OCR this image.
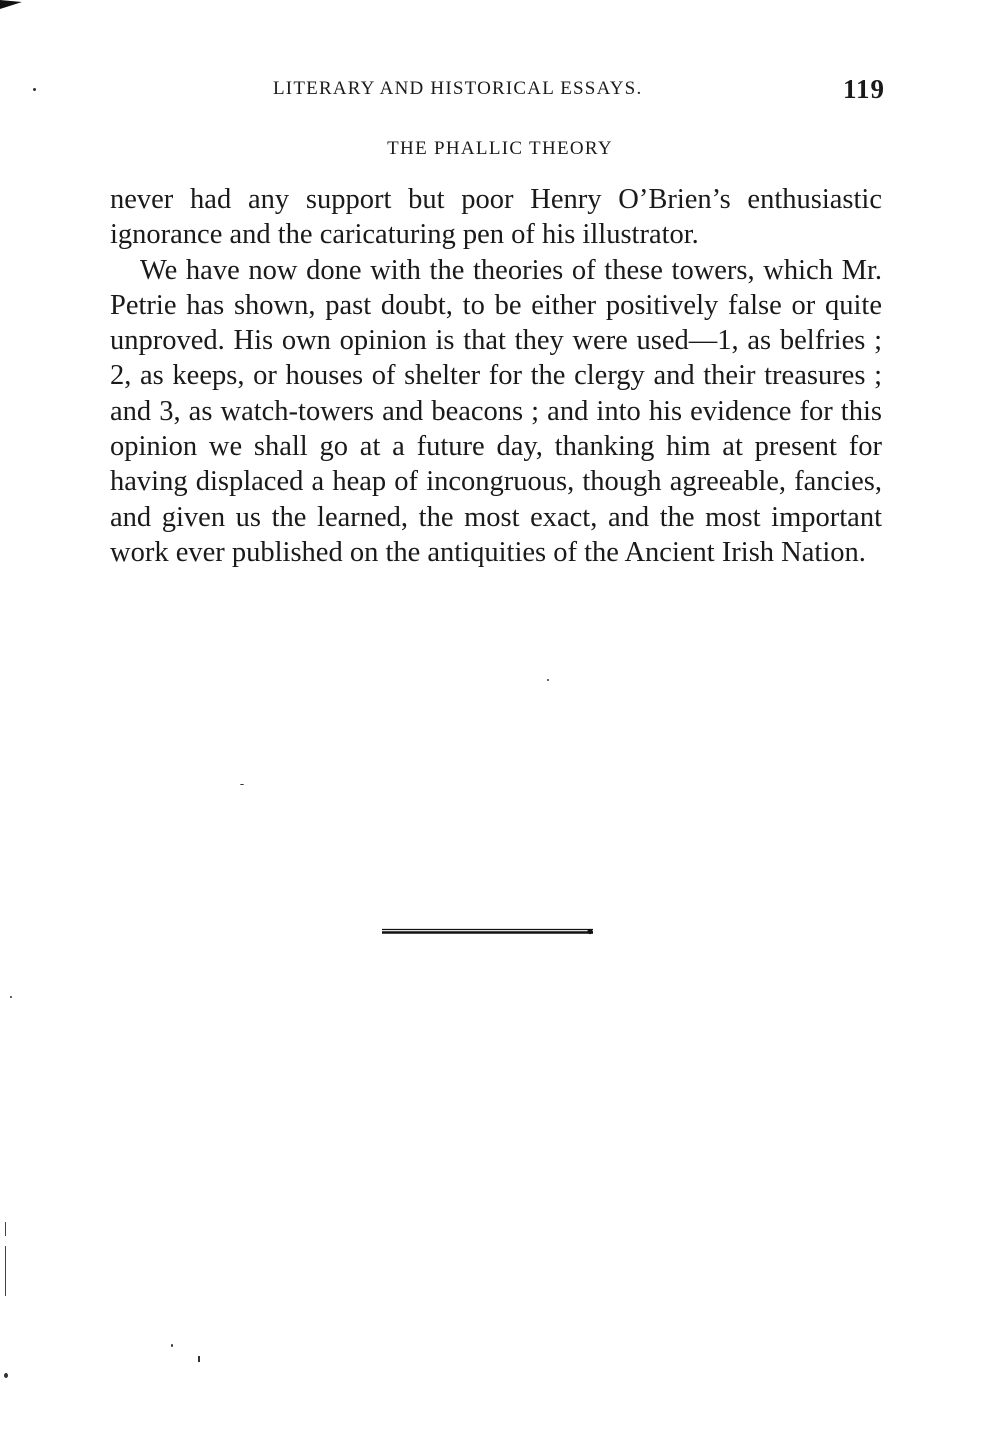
LITERARY AND HISTORICAL ESSAYS.	119
THE PHALLIC THEORY

never had any support but poor Henry O’Brien’s enthusiastic ignorance and the caricaturing pen of his illustrator.

We have now done with the theories of these towers, which Mr. Petrie has shown, past doubt, to be either positively false or quite unproved. His own opinion is that they were used—1, as belfries ; 2, as keeps, or houses of shelter for the clergy and their treasures ; and 3, as watch-towers and beacons ; and into his evidence for this opinion we shall go at a future day, thanking him at present for having displaced a heap of incongruous, though agreeable, fancies, and given us the learned, the most exact, and the most important work ever published on the antiquities of the Ancient Irish Nation.
